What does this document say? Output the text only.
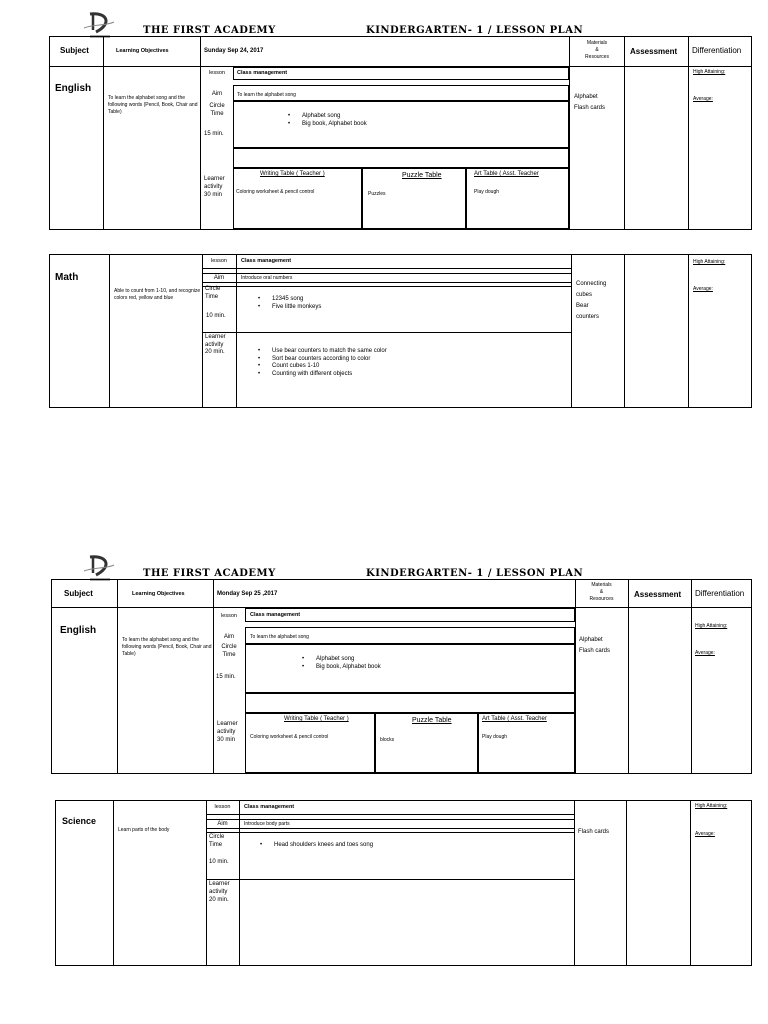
THE FIRST ACADEMY	KINDERGARTEN- 1 / LESSON PLAN
Subject	Learning Objectives	Sunday Sep 24, 2017
Materials
&
Resources
Assessment Differentiation
English
To learn the alphabet song and the following words (Pencil, Book, Chair and Table)
lesson
Aim
Circle
Time
15 min.
Learner
activity
30 min
Class management
To learn the alphabet song
• Alphabet song
• Big book, Alphabet book
Writing Table ( Teacher )
Coloring worksheet & pencil control
Puzzle Table
Puzzles
Art Table ( Asst. Teacher
Play dough
Alphabet
Flash cards
High Attaining:
Average:
Math
Able to count from 1-10, and recognize colors red, yellow and blue
lesson	Class management
Aim	Introduce oral numbers
Circle
Time
10 min.
• 12345 song
• Five little monkeys
Learner
activity
20 min.
•	Use bear counters to match the same color
• Sort bear counters according to color
• Count cubes 1-10
• Counting with different objects
Connecting
cubes
Bear
counters
High Attaining:
Average:
THE FIRST ACADEMY	KINDERGARTEN- 1 / LESSON PLAN
Subject	Learning Objectives	Monday Sep 25 ,2017
Materials
&
Resources	Assessment Differentiation
English
To learn the alphabet song and the following words (Pencil, Book, Chair and Table)
lesson
Aim
Circle
Time
15 min.
Learner
activity
30 min
Class management
To learn the alphabet song
• Alphabet song
• Big book, Alphabet book
Writing Table ( Teacher )
Coloring worksheet & pencil control
Puzzle Table
blocks
Art Table ( Asst. Teacher
Play dough
Alphabet
Flash cards
High Attaining:
Average:
Science
Learn parts of the body
lesson	Class management
Aim	Introduce body parts
Circle
Time
10 min.
• Head shoulders knees and toes song
Learner
activity
20 min.
Flash cards
High Attaining:
Average:
